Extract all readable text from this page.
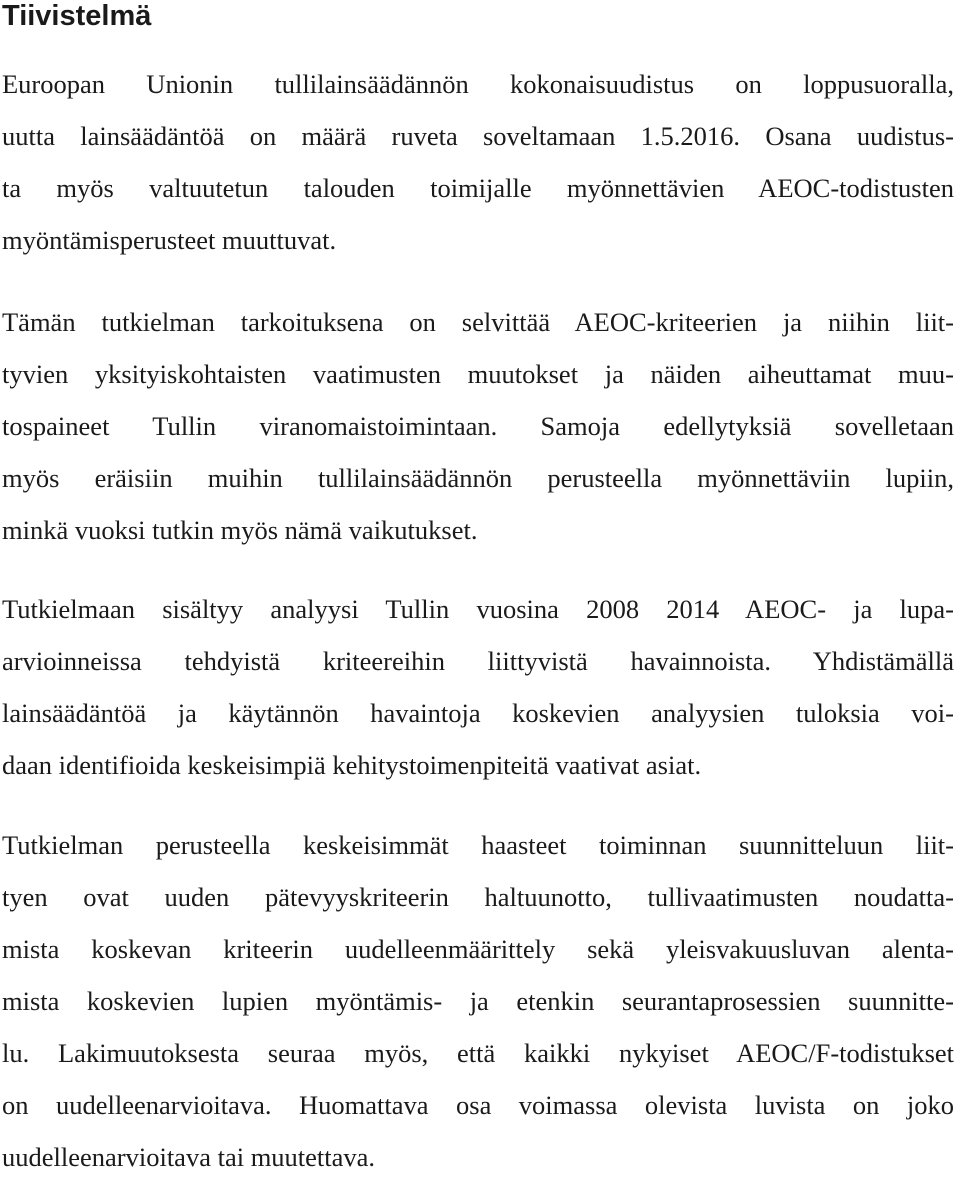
Tiivistelmä
Euroopan Unionin tullilainsäädännön kokonaisuudistus on loppusuoralla,
uutta lainsäädäntöä on määrä ruveta soveltamaan 1.5.2016. Osana uudistus-
ta myös valtuutetun talouden toimijalle myönnettävien AEOC-todistusten
myöntämisperusteet muuttuvat.
Tämän tutkielman tarkoituksena on selvittää AEOC-kriteerien ja niihin liit-
tyvien yksityiskohtaisten vaatimusten muutokset ja näiden aiheuttamat muu-
tospaineet Tullin viranomaistoimintaan. Samoja edellytyksiä sovelletaan
myös eräisiin muihin tullilainsäädännön perusteella myönnettäviin lupiin,
minkä vuoksi tutkin myös nämä vaikutukset.
Tutkielmaan sisältyy analyysi Tullin vuosina 2008 2014 AEOC- ja lupa-
arvioinneissa tehdyistä kriteereihin liittyvistä havainnoista. Yhdistämällä
lainsäädäntöä ja käytännön havaintoja koskevien analyysien tuloksia voi-
daan identifioida keskeisimpiä kehitystoimenpiteitä vaativat asiat.
Tutkielman perusteella keskeisimmät haasteet toiminnan suunnitteluun liit-
tyen ovat uuden pätevyyskriteerin haltuunotto, tullivaatimusten noudatta-
mista koskevan kriteerin uudelleenmäärittely sekä yleisvakuusluvan alenta-
mista koskevien lupien myöntämis- ja etenkin seurantaprosessien suunnitte-
lu. Lakimuutoksesta seuraa myös, että kaikki nykyiset AEOC/F-todistukset
on uudelleenarvioitava. Huomattava osa voimassa olevista luvista on joko
uudelleenarvioitava tai muutettava.
